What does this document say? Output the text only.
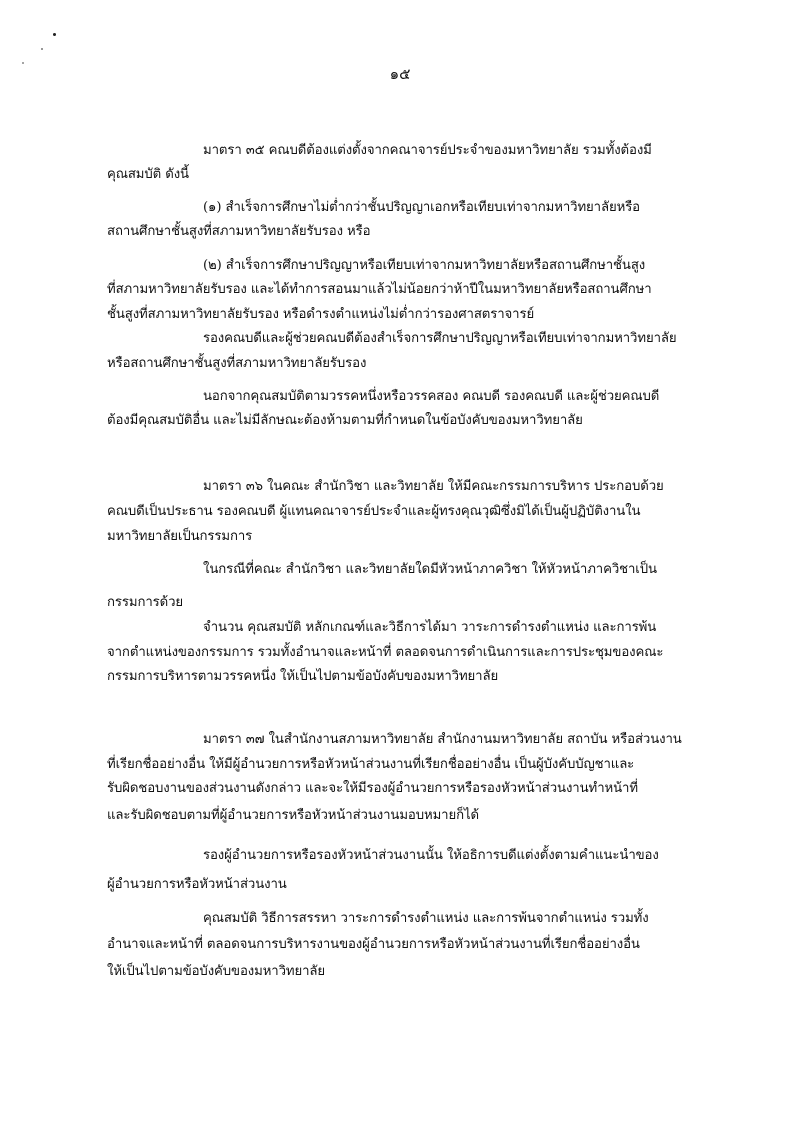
๑๕
มาตรา ๓๕ คณบดีต้องแต่งตั้งจากคณาจารย์ประจำของมหาวิทยาลัย รวมทั้งต้องมี
คุณสมบัติ ดังนี้
(๑) สำเร็จการศึกษาไม่ต่ำกว่าชั้นปริญญาเอกหรือเทียบเท่าจากมหาวิทยาลัยหรือ
สถานศึกษาชั้นสูงที่สภามหาวิทยาลัยรับรอง หรือ
(๒) สำเร็จการศึกษาปริญญาหรือเทียบเท่าจากมหาวิทยาลัยหรือสถานศึกษาชั้นสูง
ที่สภามหาวิทยาลัยรับรอง และได้ทำการสอนมาแล้วไม่น้อยกว่าห้าปีในมหาวิทยาลัยหรือสถานศึกษา
ชั้นสูงที่สภามหาวิทยาลัยรับรอง หรือดำรงตำแหน่งไม่ต่ำกว่ารองศาสตราจารย์
รองคณบดีและผู้ช่วยคณบดีต้องสำเร็จการศึกษาปริญญาหรือเทียบเท่าจากมหาวิทยาลัย
หรือสถานศึกษาชั้นสูงที่สภามหาวิทยาลัยรับรอง
นอกจากคุณสมบัติตามวรรคหนึ่งหรือวรรคสอง คณบดี รองคณบดี และผู้ช่วยคณบดี
ต้องมีคุณสมบัติอื่น และไม่มีลักษณะต้องห้ามตามที่กำหนดในข้อบังคับของมหาวิทยาลัย
มาตรา ๓๖ ในคณะ สำนักวิชา และวิทยาลัย ให้มีคณะกรรมการบริหาร ประกอบด้วย
คณบดีเป็นประธาน รองคณบดี ผู้แทนคณาจารย์ประจำและผู้ทรงคุณวุฒิซึ่งมิได้เป็นผู้ปฏิบัติงานใน
มหาวิทยาลัยเป็นกรรมการ
ในกรณีที่คณะ สำนักวิชา และวิทยาลัยใดมีหัวหน้าภาควิชา ให้หัวหน้าภาควิชาเป็น
กรรมการด้วย
จำนวน คุณสมบัติ หลักเกณฑ์และวิธีการได้มา วาระการดำรงตำแหน่ง และการพ้น
จากตำแหน่งของกรรมการ รวมทั้งอำนาจและหน้าที่ ตลอดจนการดำเนินการและการประชุมของคณะ
กรรมการบริหารตามวรรคหนึ่ง ให้เป็นไปตามข้อบังคับของมหาวิทยาลัย
มาตรา ๓๗ ในสำนักงานสภามหาวิทยาลัย สำนักงานมหาวิทยาลัย สถาบัน หรือส่วนงาน
ที่เรียกชื่ออย่างอื่น ให้มีผู้อำนวยการหรือหัวหน้าส่วนงานที่เรียกชื่ออย่างอื่น เป็นผู้บังคับบัญชาและ
รับผิดชอบงานของส่วนงานดังกล่าว และจะให้มีรองผู้อำนวยการหรือรองหัวหน้าส่วนงานทำหน้าที่
และรับผิดชอบตามที่ผู้อำนวยการหรือหัวหน้าส่วนงานมอบหมายก็ได้
รองผู้อำนวยการหรือรองหัวหน้าส่วนงานนั้น ให้อธิการบดีแต่งตั้งตามคำแนะนำของ
ผู้อำนวยการหรือหัวหน้าส่วนงาน
คุณสมบัติ วิธีการสรรหา วาระการดำรงตำแหน่ง และการพ้นจากตำแหน่ง รวมทั้ง
อำนาจและหน้าที่ ตลอดจนการบริหารงานของผู้อำนวยการหรือหัวหน้าส่วนงานที่เรียกชื่ออย่างอื่น
ให้เป็นไปตามข้อบังคับของมหาวิทยาลัย
